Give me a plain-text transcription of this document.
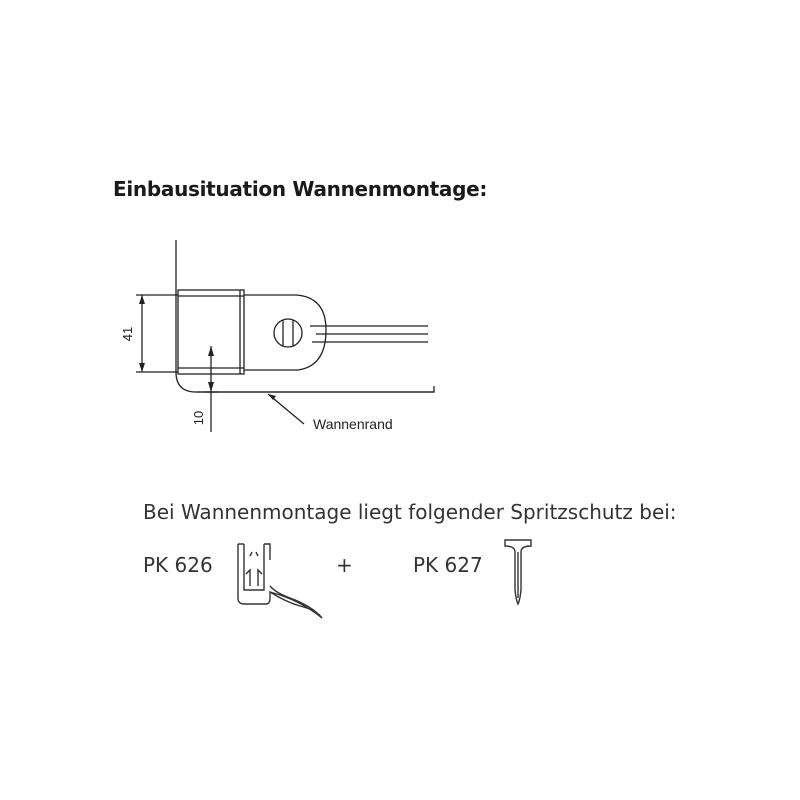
Einbausituation Wannenmontage:
41
10	Wannenrand
Bei Wannenmontage liegt folgender Spritzschutz bei:
PK 626	+	PK 627
